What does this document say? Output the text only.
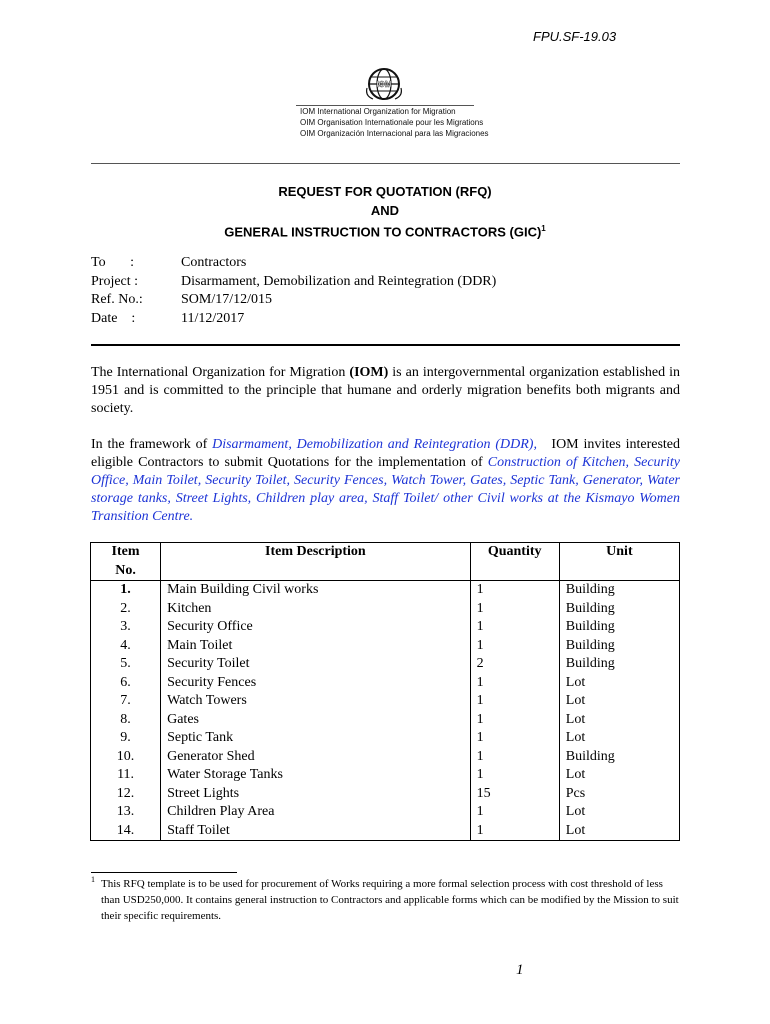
FPU.SF-19.03
IOM
IOM International Organization for Migration
OIM Organisation Internationale pour les Migrations
OIM Organización Internacional para las Migraciones
REQUEST FOR QUOTATION (RFQ)
AND
GENERAL INSTRUCTION TO CONTRACTORS (GIC)$^1$
To       :	Contractors
Project :	Disarmament, Demobilization and Reintegration (DDR)
Ref. No.:	SOM/17/12/015
Date    :	11/12/2017

The International Organization for Migration (IOM) is an intergovernmental organization established in 1951 and is committed to the principle that humane and orderly migration benefits both migrants and society.

In the framework of Disarmament, Demobilization and Reintegration (DDR),   IOM invites interested eligible Contractors to submit Quotations for the implementation of Construction of Kitchen, Security Office, Main Toilet, Security Toilet, Security Fences, Watch Tower, Gates, Septic Tank, Generator, Water storage tanks, Street Lights, Children play area, Staff Toilet/ other Civil works at the Kismayo Women Transition Centre.

Item
No.	Item Description	Quantity	Unit
1.	Main Building Civil works	1	Building
2.	Kitchen	1	Building
3.	Security Office	1	Building
4.	Main Toilet	1	Building
5.	Security Toilet	2	Building
6.	Security Fences	1	Lot
7.	Watch Towers	1	Lot
8.	Gates	1	Lot
9.	Septic Tank	1	Lot
10.	Generator Shed	1	Building
11.	Water Storage Tanks	1	Lot
12.	Street Lights	15	Pcs
13.	Children Play Area	1	Lot
14.	Staff Toilet	1	Lot
1 This RFQ template is to be used for procurement of Works requiring a more formal selection process with cost threshold of less than USD250,000. It contains general instruction to Contractors and applicable forms which can be modified by the Mission to suit their specific requirements.
1
